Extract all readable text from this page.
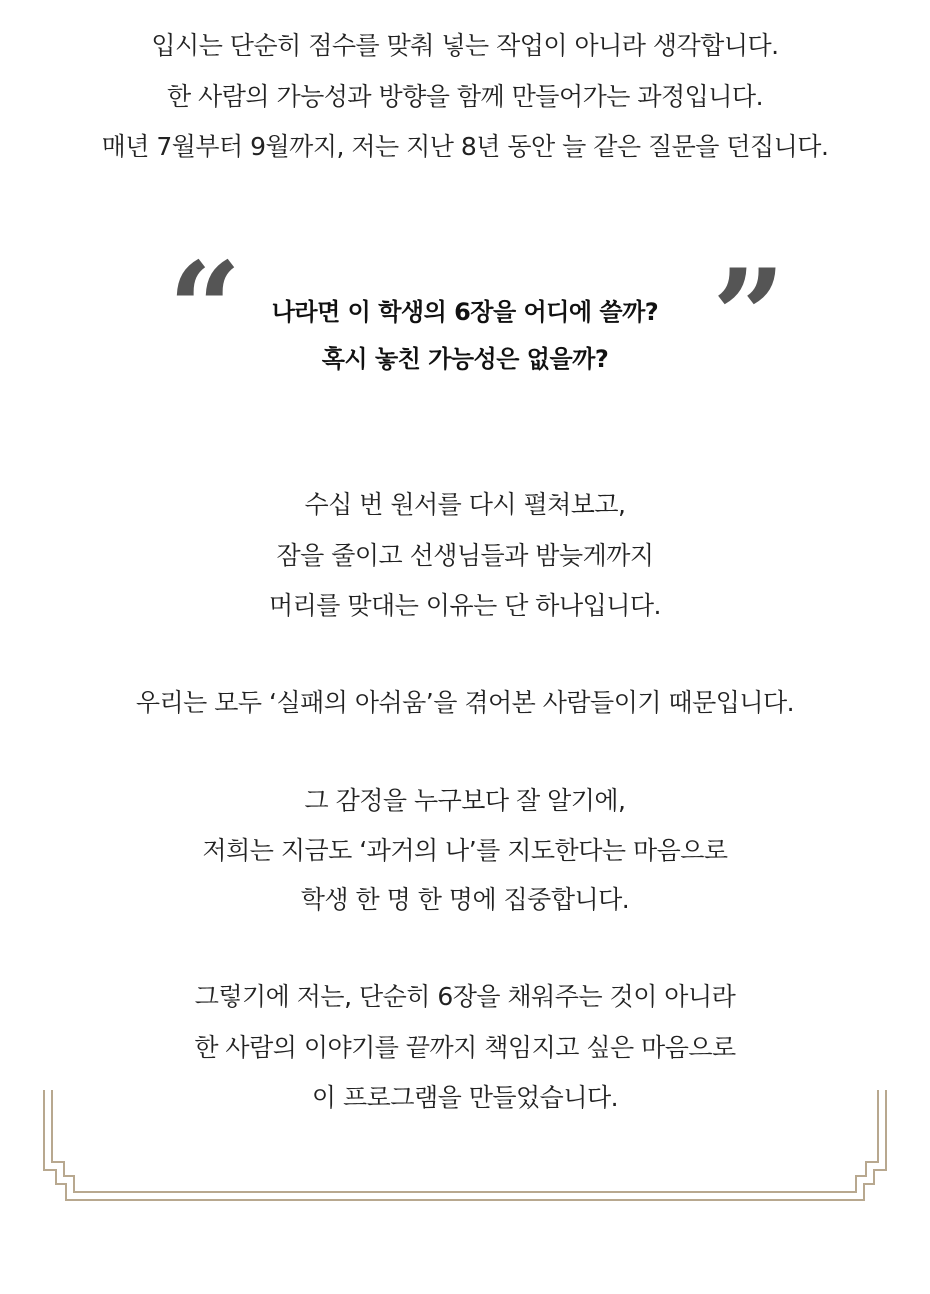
입시는 단순히 점수를 맞춰 넣는 작업이 아니라 생각합니다.
한 사람의 가능성과 방향을 함께 만들어가는 과정입니다.
매년 7월부터 9월까지, 저는 지난 8년 동안 늘 같은 질문을 던집니다.
“	”
나라면 이 학생의 6장을 어디에 쓸까?
혹시 놓친 가능성은 없을까?
수십 번 원서를 다시 펼쳐보고,
잠을 줄이고 선생님들과 밤늦게까지
머리를 맞대는 이유는 단 하나입니다.
우리는 모두 ‘실패의 아쉬움’을 겪어본 사람들이기 때문입니다.
그 감정을 누구보다 잘 알기에,
저희는 지금도 ‘과거의 나’를 지도한다는 마음으로
학생 한 명 한 명에 집중합니다.
그렇기에 저는, 단순히 6장을 채워주는 것이 아니라
한 사람의 이야기를 끝까지 책임지고 싶은 마음으로
이 프로그램을 만들었습니다.
